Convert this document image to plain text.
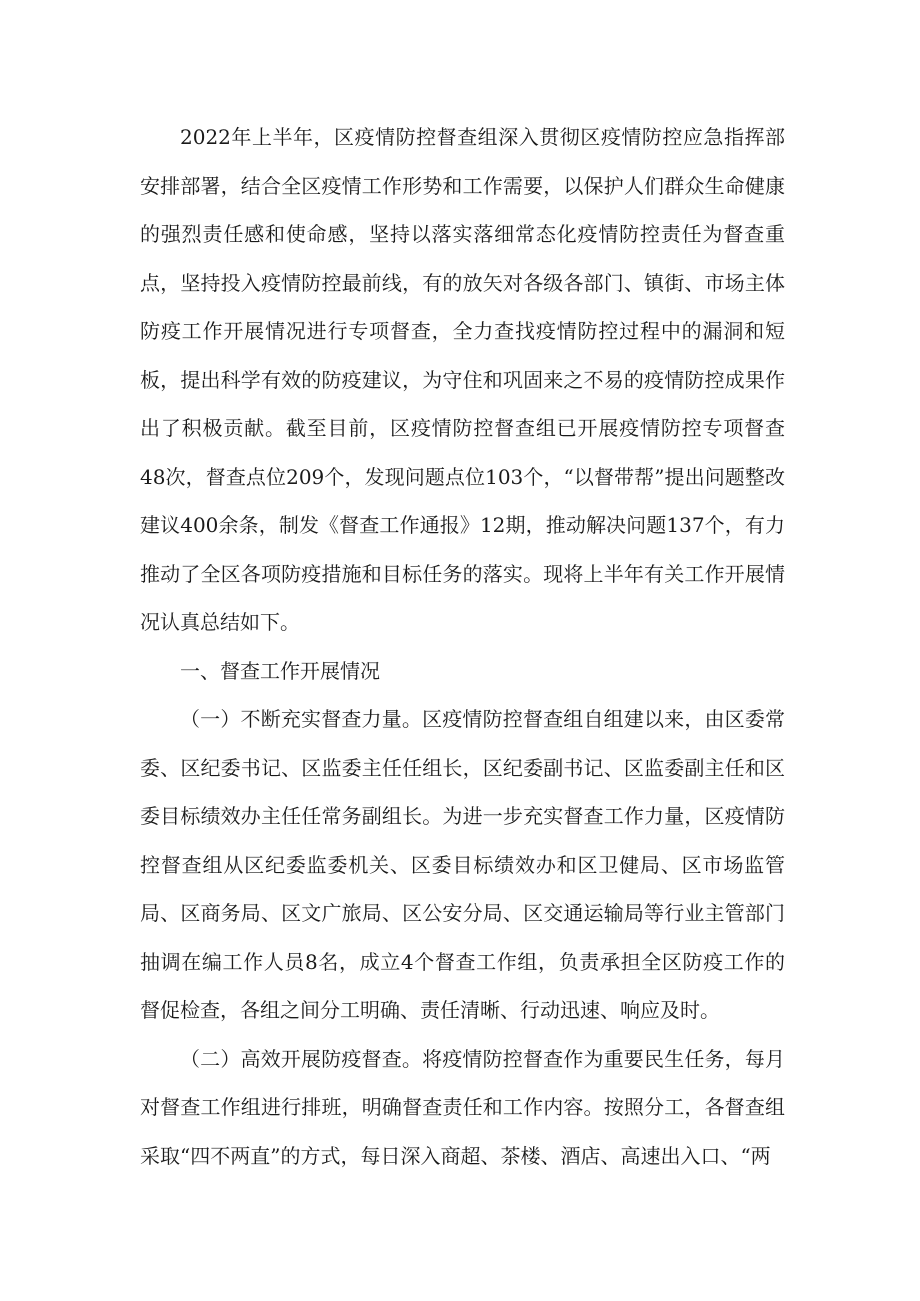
2022年上半年，区疫情防控督查组深入贯彻区疫情防控应急指挥部安排部署，结合全区疫情工作形势和工作需要，以保护人们群众生命健康的强烈责任感和使命感，坚持以落实落细常态化疫情防控责任为督查重点，坚持投入疫情防控最前线，有的放矢对各级各部门、镇街、市场主体防疫工作开展情况进行专项督查，全力查找疫情防控过程中的漏洞和短板，提出科学有效的防疫建议，为守住和巩固来之不易的疫情防控成果作出了积极贡献。截至目前，区疫情防控督查组已开展疫情防控专项督查48次，督查点位209个，发现问题点位103个，“以督带帮”提出问题整改建议400余条，制发《督查工作通报》12期，推动解决问题137个，有力推动了全区各项防疫措施和目标任务的落实。现将上半年有关工作开展情况认真总结如下。

一、督查工作开展情况

（一）不断充实督查力量。区疫情防控督查组自组建以来，由区委常委、区纪委书记、区监委主任任组长，区纪委副书记、区监委副主任和区委目标绩效办主任任常务副组长。为进一步充实督查工作力量，区疫情防控督查组从区纪委监委机关、区委目标绩效办和区卫健局、区市场监管局、区商务局、区文广旅局、区公安分局、区交通运输局等行业主管部门抽调在编工作人员8名，成立4个督查工作组，负责承担全区防疫工作的督促检查，各组之间分工明确、责任清晰、行动迅速、响应及时。

（二）高效开展防疫督查。将疫情防控督查作为重要民生任务，每月对督查工作组进行排班，明确督查责任和工作内容。按照分工，各督查组采取“四不两直”的方式，每日深入商超、茶楼、酒店、高速出入口、“两
